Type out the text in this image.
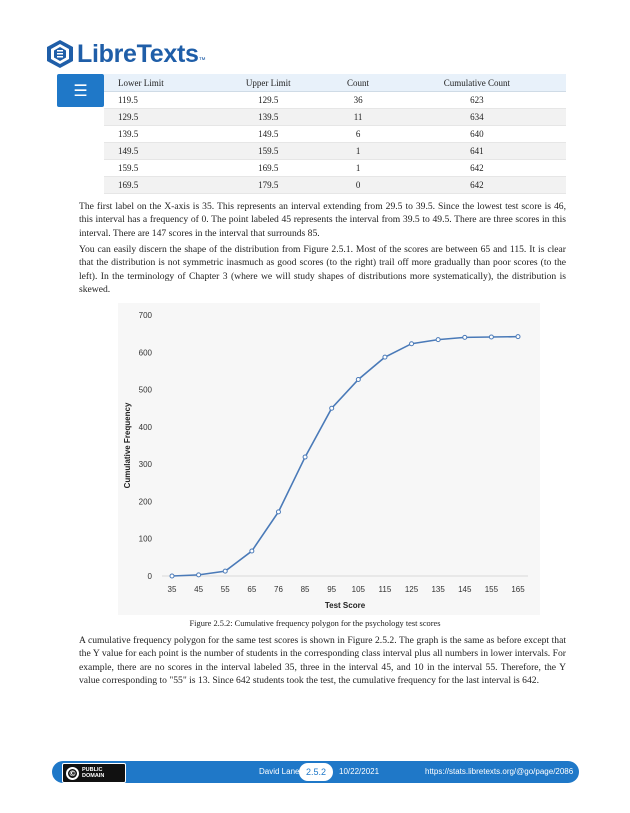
LibreTexts ™
☰	Lower Limit	Upper Limit	Count	Cumulative Count
119.5	129.5	36	623
129.5	139.5	11	634
139.5	149.5	6	640
149.5	159.5	1	641
159.5	169.5	1	642
169.5	179.5	0	642

The first label on the X-axis is 35. This represents an interval extending from 29.5 to 39.5. Since the lowest test score is 46, this interval has a frequency of 0. The point labeled 45 represents the interval from 39.5 to 49.5. There are three scores in this interval. There are 147 scores in the interval that surrounds 85.

You can easily discern the shape of the distribution from Figure 2.5.1. Most of the scores are between 65 and 115. It is clear that the distribution is not symmetric inasmuch as good scores (to the right) trail off more gradually than poor scores (to the left). In the terminology of Chapter 3 (where we will study shapes of distributions more systematically), the distribution is skewed.

0
100
200
300
400
500
600
700
35 45 55 65 76 85 95 105 115 125 135 145 155 165
Cumulative Frequency
Test Score
Figure 2.5.2: Cumulative frequency polygon for the psychology test scores

A cumulative frequency polygon for the same test scores is shown in Figure 2.5.2. The graph is the same as before except that the Y value for each point is the number of students in the corresponding class interval plus all numbers in lower intervals. For example, there are no scores in the interval labeled 35, three in the interval 45, and 10 in the interval 55. Therefore, the Y value corresponding to "55" is 13. Since 642 students took the test, the cumulative frequency for the last interval is 642.

©	PUBLIC
DOMAIN	David Lane 2.5.2	10/22/2021	https://stats.libretexts.org/@go/page/2086
